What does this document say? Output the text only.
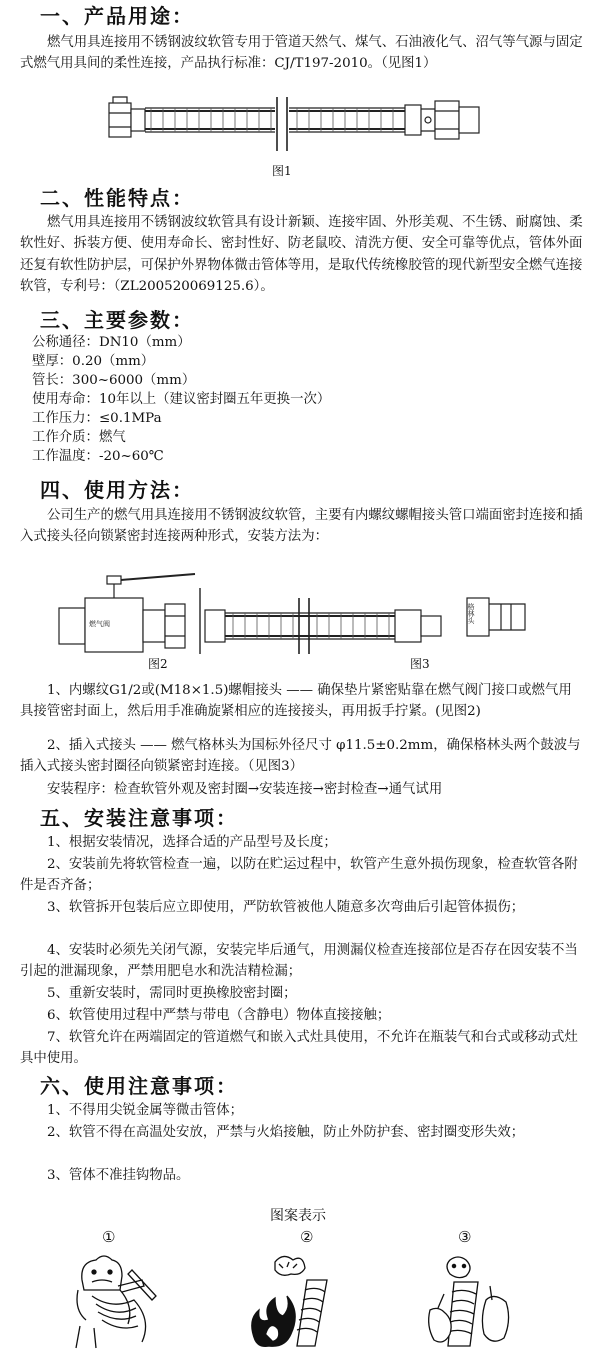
一、产品用途：

燃气用具连接用不锈钢波纹软管专用于管道天然气、煤气、石油液化气、沼气等气源与固定式燃气用具间的柔性连接，产品执行标准：CJ/T197-2010。（见图1）

图1

二、性能特点：

燃气用具连接用不锈钢波纹软管具有设计新颖、连接牢固、外形美观、不生锈、耐腐蚀、柔软性好、拆装方便、使用寿命长、密封性好、防老鼠咬、清洗方便、安全可靠等优点，管体外面还复有软性防护层，可保护外界物体微击管体等用，是取代传统橡胶管的现代新型安全燃气连接软管，专利号：（ZL200520069125.6）。

三、主要参数：

公称通径：DN10（mm）

壁厚：0.20（mm）

管长：300~6000（mm）

使用寿命：10年以上（建议密封圈五年更换一次）

工作压力：≤0.1MPa

工作介质：燃气

工作温度：-20~60℃

四、使用方法：

公司生产的燃气用具连接用不锈钢波纹软管，主要有内螺纹螺帽接头管口端面密封连接和插入式接头径向锁紧密封连接两种形式，安装方法为：

燃气阀	格林头

图2	图3

1、内螺纹G1/2或(M18×1.5)螺帽接头 —— 确保垫片紧密贴靠在燃气阀门接口或燃气用具接管密封面上，然后用手准确旋紧相应的连接接头，再用扳手拧紧。(见图2)

2、插入式接头 —— 燃气格林头为国标外径尺寸 φ11.5±0.2mm，确保格林头两个鼓波与插入式接头密封圈径向锁紧密封连接。（见图3）

安装程序：检查软管外观及密封圈→安装连接→密封检查→通气试用

五、安装注意事项：

1、根据安装情况，选择合适的产品型号及长度；

2、安装前先将软管检查一遍，以防在贮运过程中，软管产生意外损伤现象，检查软管各附件是否齐备；

3、软管拆开包装后应立即使用，严防软管被他人随意多次弯曲后引起管体损伤；

4、安装时必须先关闭气源，安装完毕后通气，用测漏仪检查连接部位是否存在因安装不当引起的泄漏现象，严禁用肥皂水和洗洁精检漏；

5、重新安装时，需同时更换橡胶密封圈；

6、软管使用过程中严禁与带电（含静电）物体直接接触；

7、软管允许在两端固定的管道燃气和嵌入式灶具使用，不允许在瓶装气和台式或移动式灶具中使用。

六、使用注意事项：

1、不得用尖锐金属等微击管体；

2、软管不得在高温处安放，严禁与火焰接触，防止外防护套、密封圈变形失效；

3、管体不准挂钩物品。

图案表示

①	②	③
